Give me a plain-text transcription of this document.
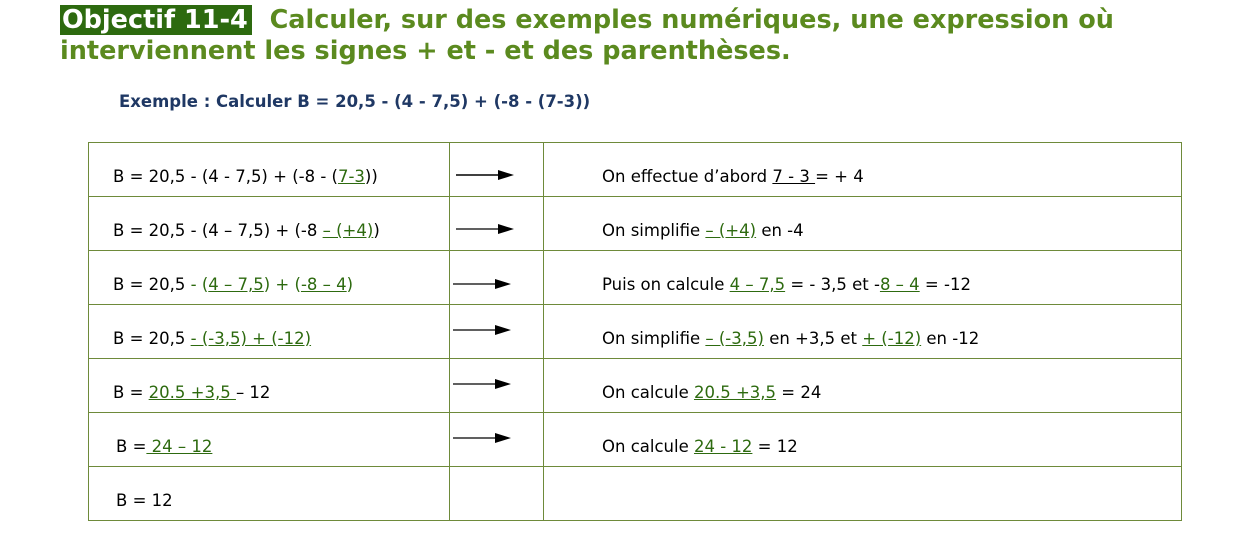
Objectif 11-4 Calculer, sur des exemples numériques, une expression où interviennent les signes + et - et des parenthèses.
Exemple : Calculer B = 20,5 - (4 - 7,5) + (-8 - (7-3))
B = 20,5 - (4 - 7,5) + (-8 - (7-3))		On effectue d’abord 7 - 3 = + 4

B = 20,5 - (4 – 7,5) + (-8 – (+4))		On simplifie – (+4) en -4

B = 20,5 - (4 – 7,5) + (-8 – 4)		Puis on calcule 4 – 7,5 = - 3,5 et -8 – 4 = -12

B = 20,5 - (-3,5) + (-12)		On simplifie – (-3,5) en +3,5 et + (-12) en -12

B = 20.5 +3,5 – 12		On calcule 20.5 +3,5 = 24

B = 24 – 12		On calcule 24 - 12 = 12

B = 12		
